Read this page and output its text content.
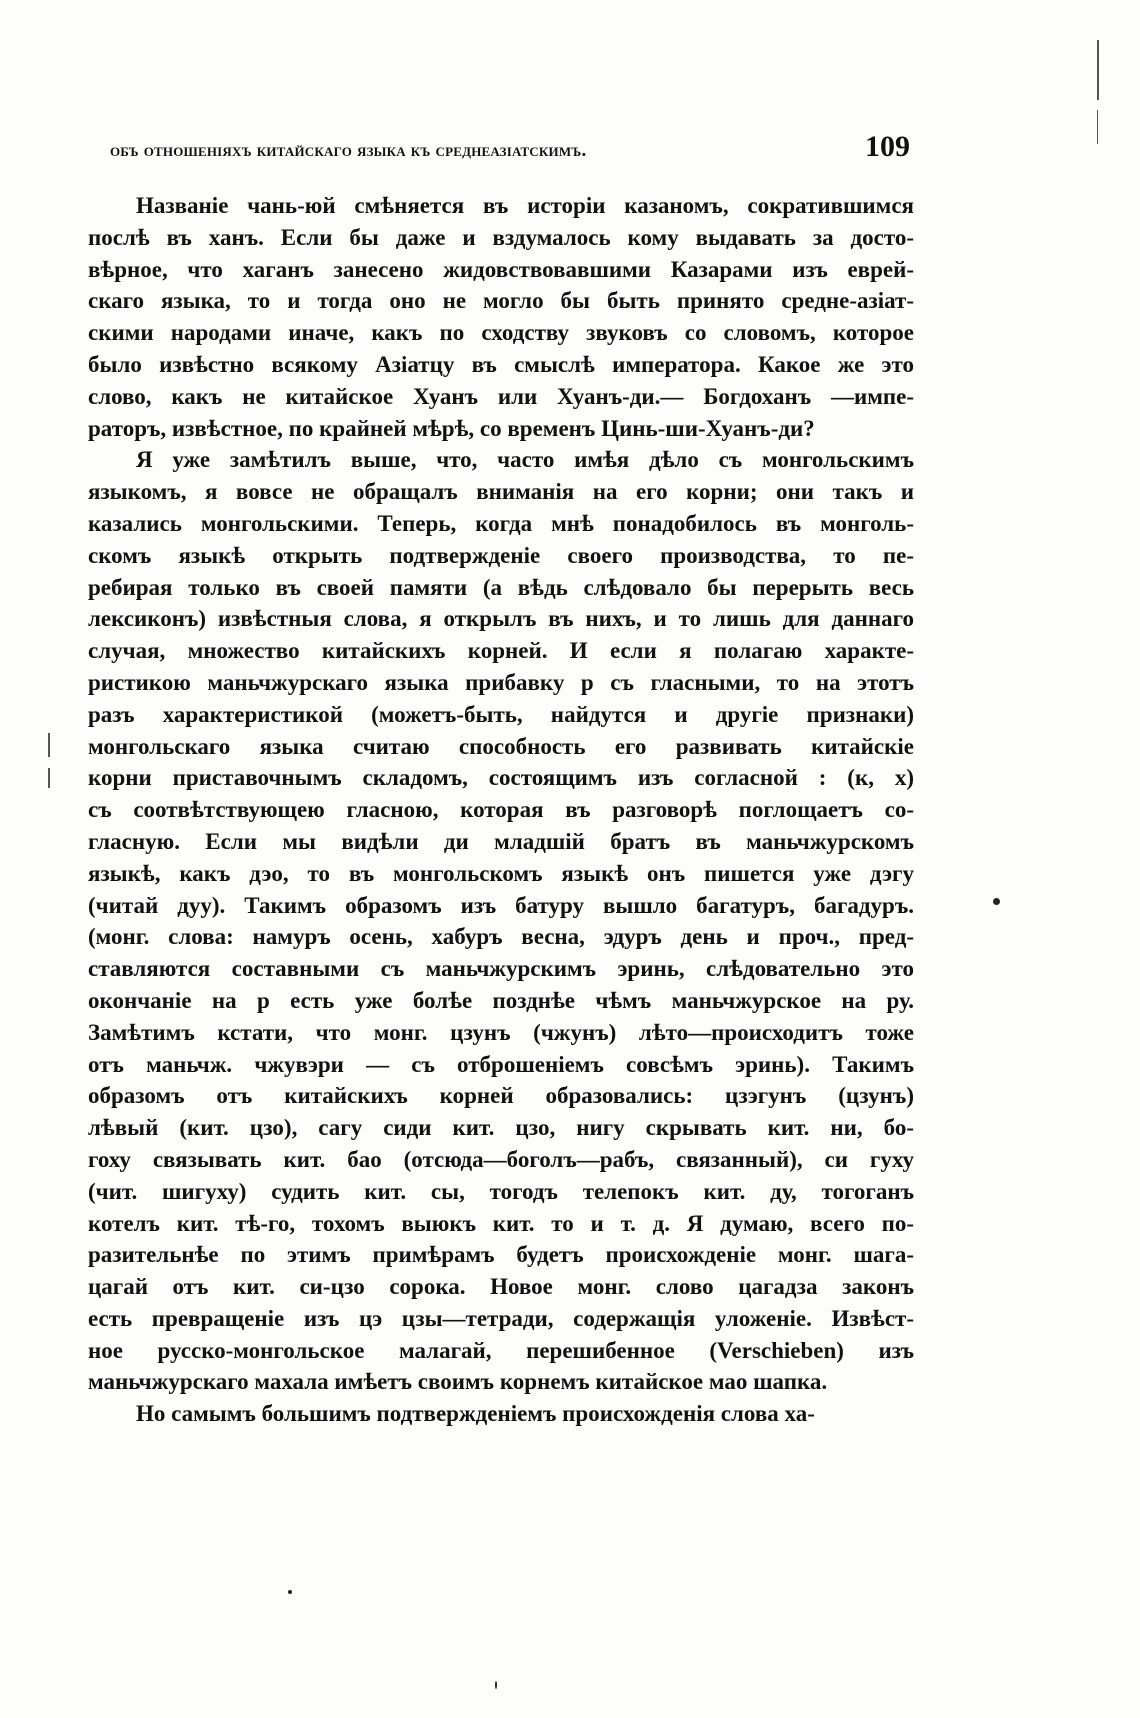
объ отношеніяхъ китайскаго языка къ среднеазіатскимъ.	109
Названіе чань-юй смѣняется въ исторіи казаномъ, сократившимся
послѣ въ ханъ. Если бы даже и вздумалось кому выдавать за досто-
вѣрное, что хаганъ занесено жидовствовавшими Казарами изъ еврей-
скаго языка, то и тогда оно не могло бы быть принято средне-азіат-
скими народами иначе, какъ по сходству звуковъ со словомъ, которое
было извѣстно всякому Азіатцу въ смыслѣ императора. Какое же это
слово, какъ не китайское Хуанъ или Хуанъ-ди.— Богдоханъ —импе-
раторъ, извѣстное, по крайней мѣрѣ, со временъ Цинь-ши-Хуанъ-ди?
Я уже замѣтилъ выше, что, часто имѣя дѣло съ монгольскимъ
языкомъ, я вовсе не обращалъ вниманія на его корни; они такъ и
казались монгольскими. Теперь, когда мнѣ понадобилось въ монголь-
скомъ языкѣ открыть подтвержденіе своего производства, то пе-
ребирая только въ своей памяти (а вѣдь слѣдовало бы перерыть весь
лексиконъ) извѣстныя слова, я открылъ въ нихъ, и то лишь для даннаго
случая, множество китайскихъ корней. И если я полагаю характе-
ристикою маньчжурскаго языка прибавку р съ гласными, то на этотъ
разъ характеристикой (можетъ-быть, найдутся и другіе признаки)
монгольскаго языка считаю способность его развивать китайскіе
корни приставочнымъ складомъ, состоящимъ изъ согласной : (к, х)
съ соотвѣтствующею гласною, которая въ разговорѣ поглощаетъ со-
гласную. Если мы видѣли ди младшій братъ въ маньчжурскомъ
языкѣ, какъ дэо, то въ монгольскомъ языкѣ онъ пишется уже дэгу
(читай дуу). Такимъ образомъ изъ батуру вышло багатуръ, багадуръ.
(монг. слова: намуръ осень, хабуръ весна, эдуръ день и проч., пред-
ставляются составными съ маньчжурскимъ эринь, слѣдовательно это
окончаніе на р есть уже болѣе позднѣе чѣмъ маньчжурское на ру.
Замѣтимъ кстати, что монг. цзунъ (чжунъ) лѣто—происходитъ тоже
отъ маньчж. чжувэри — съ отброшеніемъ совсѣмъ эринь). Такимъ
образомъ отъ китайскихъ корней образовались: цзэгунъ (цзунъ)
лѣвый (кит. цзо), сагу сиди кит. цзо, нигу скрывать кит. ни, бо-
гоху связывать кит. бао (отсюда—боголъ—рабъ, связанный), си гуху
(чит. шигуху) судить кит. сы, тогодъ телепокъ кит. ду, тогоганъ
котелъ кит. тѣ-го, тохомъ выюкъ кит. то и т. д. Я думаю, всего по-
разительнѣе по этимъ примѣрамъ будетъ происхожденіе монг. шага-
цагай отъ кит. си-цзо сорока. Новое монг. слово цагадза законъ
есть превращеніе изъ цэ цзы—тетради, содержащія уложеніе. Извѣст-
ное русско-монгольское малагай, перешибенное (Verschieben) изъ
маньчжурскаго махала имѣетъ своимъ корнемъ китайское мао шапка.
Но самымъ большимъ подтвержденіемъ происхожденія слова ха-
